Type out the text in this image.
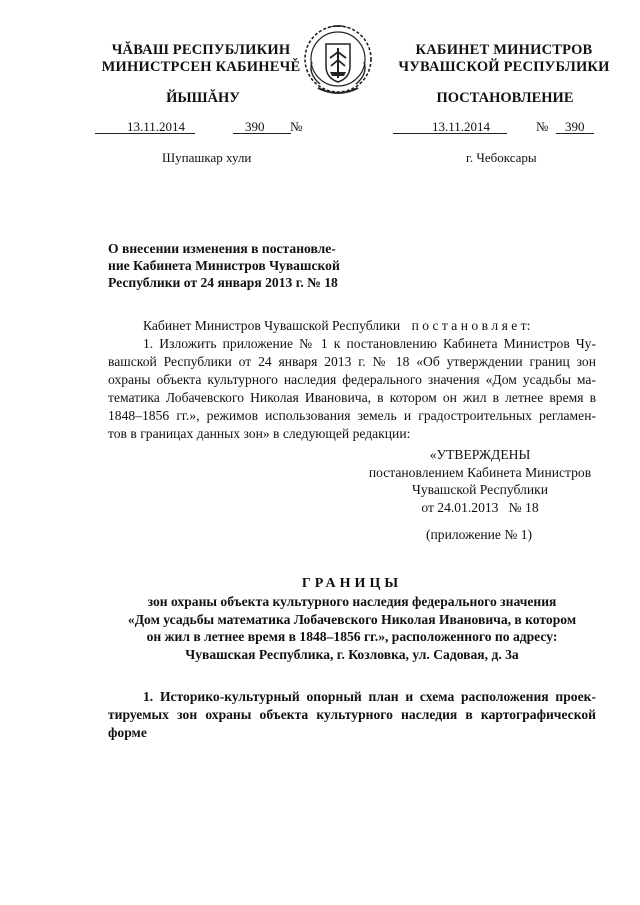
ЧĂВАШ РЕСПУБЛИКИН
МИНИСТРСЕН КАБИНЕЧĚ
КАБИНЕТ МИНИСТРОВ
ЧУВАШСКОЙ РЕСПУБЛИКИ
ЙЫШĂНУ	ПОСТАНОВЛЕНИЕ
13.11.2014	390 №	13.11.2014	№ 390
Шупашкар хули	г. Чебоксары
О внесении изменения в постановле-
ние Кабинета Министров Чувашской
Республики от 24 января 2013 г. № 18
Кабинет Министров Чувашской Республики п о с т а н о в л я е т:
1. Изложить приложение № 1 к постановлению Кабинета Министров Чу-
вашской Республики от 24 января 2013 г. № 18 «Об утверждении границ зон
охраны объекта культурного наследия федерального значения «Дом усадьбы ма-
тематика Лобачевского Николая Ивановича, в котором он жил в летнее время в
1848–1856 гг.», режимов использования земель и градостроительных регламен-
тов в границах данных зон» в следующей редакции:
«УТВЕРЖДЕНЫ
постановлением Кабинета Министров
Чувашской Республики
от 24.01.2013   № 18
(приложение № 1)
ГРАНИЦЫ
зон охраны объекта культурного наследия федерального значения
«Дом усадьбы математика Лобачевского Николая Ивановича, в котором
он жил в летнее время в 1848–1856 гг.», расположенного по адресу:
Чувашская Республика, г. Козловка, ул. Садовая, д. 3а
1. Историко-культурный опорный план и схема расположения проек-
тируемых зон охраны объекта культурного наследия в картографической
форме
